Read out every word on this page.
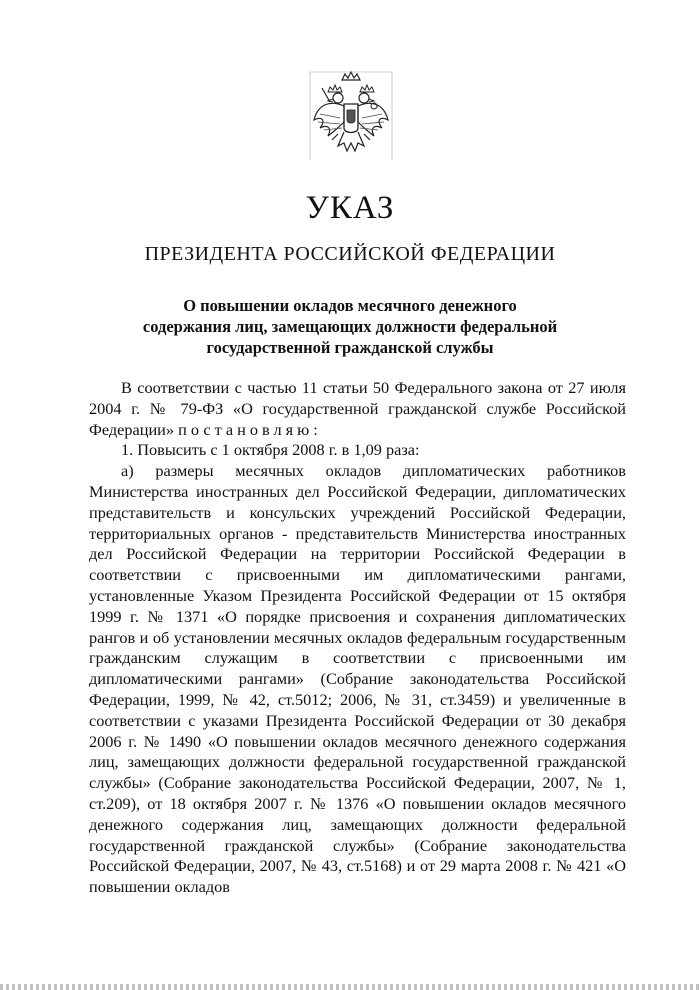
УКАЗ
ПРЕЗИДЕНТА РОССИЙСКОЙ ФЕДЕРАЦИИ
О повышении окладов месячного денежного
содержания лиц, замещающих должности федеральной
государственной гражданской службы

В соответствии с частью 11 статьи 50 Федерального закона от 27 июля 2004 г. № 79-ФЗ «О государственной гражданской службе Российской Федерации» постановляю:

1. Повысить с 1 октября 2008 г. в 1,09 раза:

а) размеры месячных окладов дипломатических работников Министерства иностранных дел Российской Федерации, дипломатических представительств и консульских учреждений Российской Федерации, территориальных органов - представительств Министерства иностранных дел Российской Федерации на территории Российской Федерации в соответствии с присвоенными им дипломатическими рангами, установленные Указом Президента Российской Федерации от 15 октября 1999 г. № 1371 «О порядке присвоения и сохранения дипломатических рангов и об установлении месячных окладов федеральным государственным гражданским служащим в соответствии с присвоенными им дипломатическими рангами» (Собрание законодательства Российской Федерации, 1999, № 42, ст.5012; 2006, № 31, ст.3459) и увеличенные в соответствии с указами Президента Российской Федерации от 30 декабря 2006 г. № 1490 «О повышении окладов месячного денежного содержания лиц, замещающих должности федеральной государственной гражданской службы» (Собрание законодательства Российской Федерации, 2007, № 1, ст.209), от 18 октября 2007 г. № 1376 «О повышении окладов месячного денежного содержания лиц, замещающих должности федеральной государственной гражданской службы» (Собрание законодательства Российской Федерации, 2007, № 43, ст.5168) и от 29 марта 2008 г. № 421 «О повышении окладов
